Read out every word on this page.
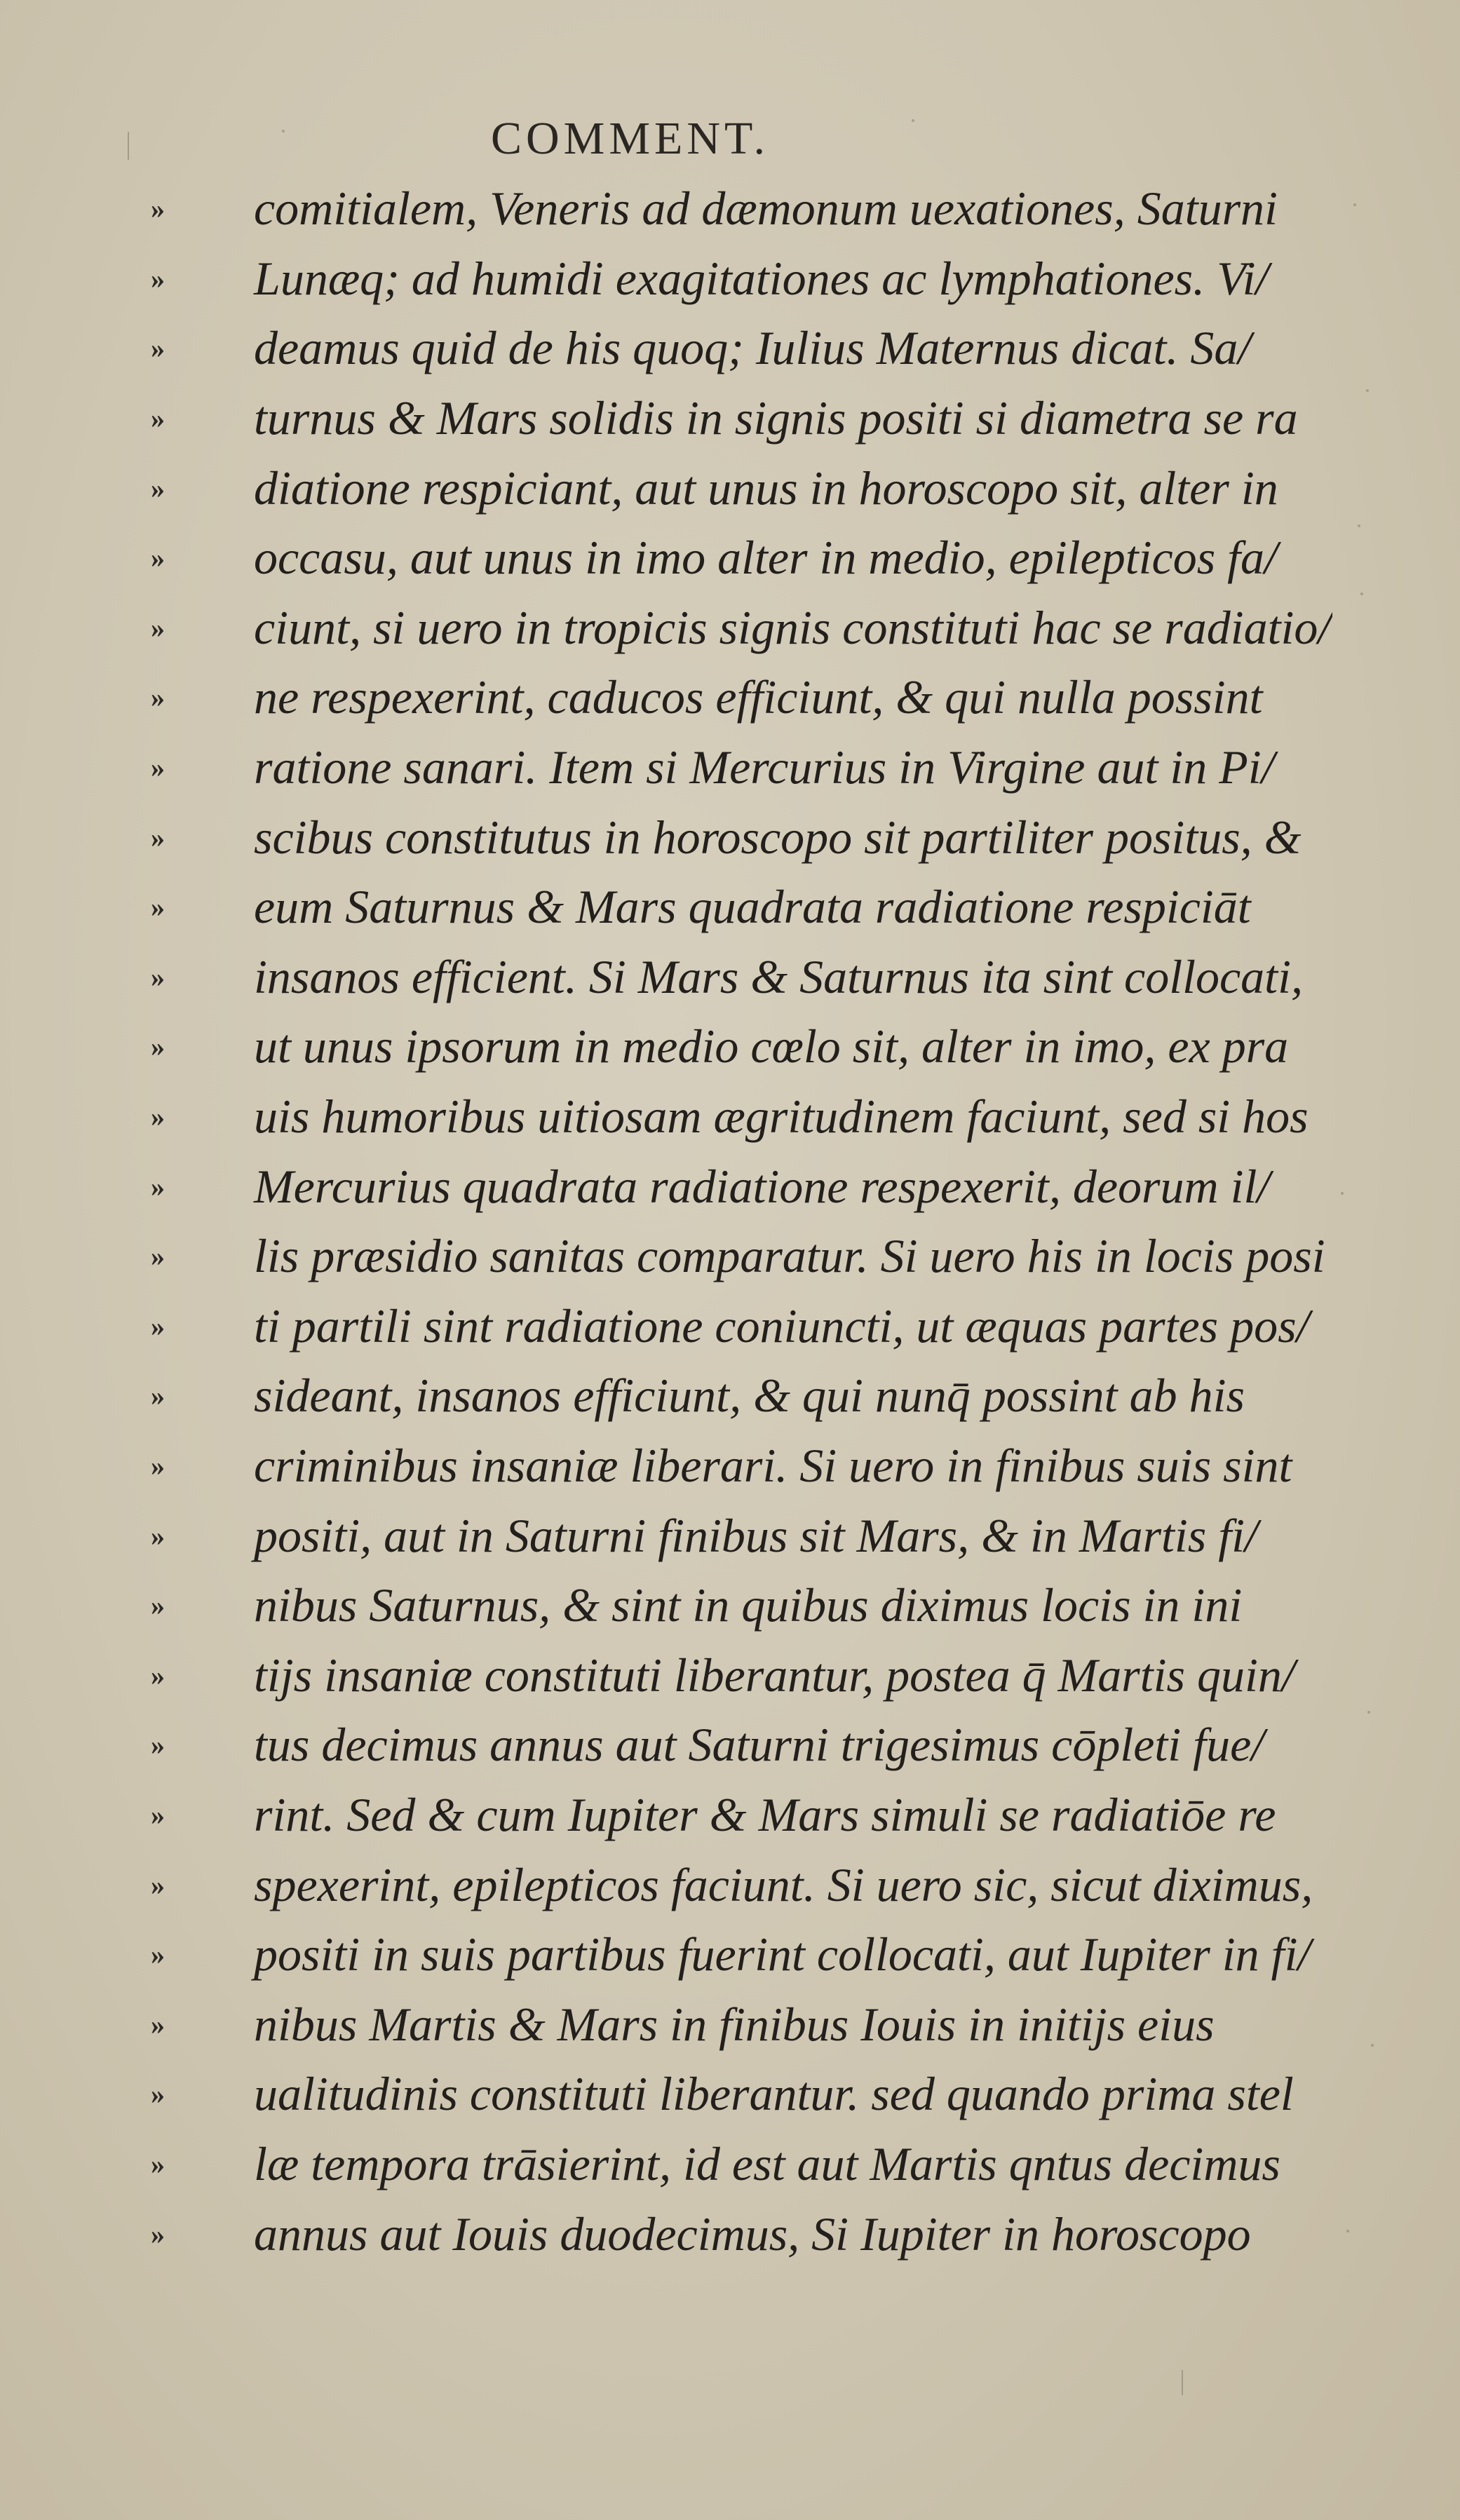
COMMENT.
»	comitialem, Veneris ad dæmonum uexationes, Saturni
»	Lunæq; ad humidi exagitationes ac lymphationes. Vi/
»	deamus quid de his quoq; Iulius Maternus dicat. Sa/
»	turnus & Mars solidis in signis positi si diametra se ra
»	diatione respiciant, aut unus in horoscopo sit, alter in
»	occasu, aut unus in imo alter in medio, epilepticos fa/
»	ciunt, si uero in tropicis signis constituti hac se radiatio/
»	ne respexerint, caducos efficiunt, & qui nulla possint
»	ratione sanari. Item si Mercurius in Virgine aut in Pi/
»	scibus constitutus in horoscopo sit partiliter positus, &
»	eum Saturnus & Mars quadrata radiatione respiciāt
»	insanos efficient. Si Mars & Saturnus ita sint collocati,
»	ut unus ipsorum in medio cœlo sit, alter in imo, ex pra
»	uis humoribus uitiosam ægritudinem faciunt, sed si hos
»	Mercurius quadrata radiatione respexerit, deorum il/
»	lis præsidio sanitas comparatur. Si uero his in locis posi
»	ti partili sint radiatione coniuncti, ut æquas partes pos/
»	sideant, insanos efficiunt, & qui nunq̄ possint ab his
»	criminibus insaniæ liberari. Si uero in finibus suis sint
»	positi, aut in Saturni finibus sit Mars, & in Martis fi/
»	nibus Saturnus, & sint in quibus diximus locis in ini
»	tijs insaniæ constituti liberantur, postea q̄ Martis quin/
»	tus decimus annus aut Saturni trigesimus cōpleti fue/
»	rint. Sed & cum Iupiter & Mars simuli se radiatiōe re
»	spexerint, epilepticos faciunt. Si uero sic, sicut diximus,
»	positi in suis partibus fuerint collocati, aut Iupiter in fi/
»	nibus Martis & Mars in finibus Iouis in initijs eius
»	ualitudinis constituti liberantur. sed quando prima stel
»	læ tempora trāsierint, id est aut Martis qntus decimus
»	annus aut Iouis duodecimus, Si Iupiter in horoscopo
